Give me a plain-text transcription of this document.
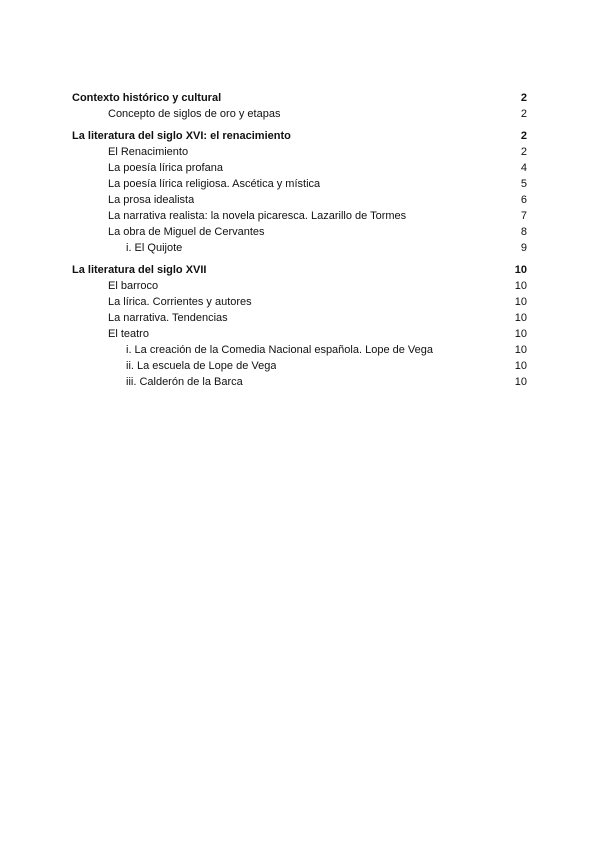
Contexto histórico y cultural	2
Concepto de siglos de oro y etapas	2
La literatura del siglo XVI: el renacimiento	2
El Renacimiento	2
La poesía lírica profana	4
La poesía lírica religiosa. Ascética y mística	5
La prosa idealista	6
La narrativa realista: la novela picaresca. Lazarillo de Tormes	7
La obra de Miguel de Cervantes	8
i. El Quijote	9
La literatura del siglo XVII	10
El barroco	10
La lírica. Corrientes y autores	10
La narrativa. Tendencias	10
El teatro	10
i. La creación de la Comedia Nacional española. Lope de Vega	10
ii. La escuela de Lope de Vega	10
iii. Calderón de la Barca	10
